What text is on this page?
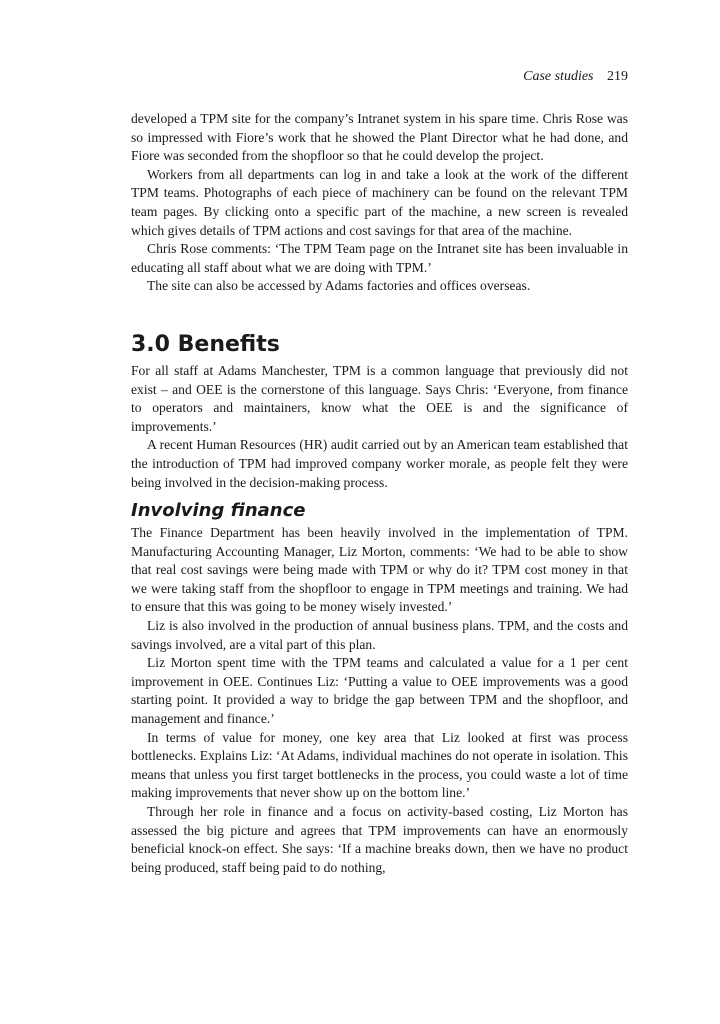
Case studies 219

developed a TPM site for the company’s Intranet system in his spare time. Chris Rose was so impressed with Fiore’s work that he showed the Plant Director what he had done, and Fiore was seconded from the shopfloor so that he could develop the project.

Workers from all departments can log in and take a look at the work of the different TPM teams. Photographs of each piece of machinery can be found on the relevant TPM team pages. By clicking onto a specific part of the machine, a new screen is revealed which gives details of TPM actions and cost savings for that area of the machine.

Chris Rose comments: ‘The TPM Team page on the Intranet site has been invaluable in educating all staff about what we are doing with TPM.’

The site can also be accessed by Adams factories and offices overseas.

3.0 Benefits

For all staff at Adams Manchester, TPM is a common language that previously did not exist – and OEE is the cornerstone of this language. Says Chris: ‘Everyone, from finance to operators and maintainers, know what the OEE is and the significance of improvements.’

A recent Human Resources (HR) audit carried out by an American team established that the introduction of TPM had improved company worker morale, as people felt they were being involved in the decision-making process.

Involving finance

The Finance Department has been heavily involved in the implementation of TPM. Manufacturing Accounting Manager, Liz Morton, comments: ‘We had to be able to show that real cost savings were being made with TPM or why do it? TPM cost money in that we were taking staff from the shopfloor to engage in TPM meetings and training. We had to ensure that this was going to be money wisely invested.’

Liz is also involved in the production of annual business plans. TPM, and the costs and savings involved, are a vital part of this plan.

Liz Morton spent time with the TPM teams and calculated a value for a 1 per cent improvement in OEE. Continues Liz: ‘Putting a value to OEE improvements was a good starting point. It provided a way to bridge the gap between TPM and the shopfloor, and management and finance.’

In terms of value for money, one key area that Liz looked at first was process bottlenecks. Explains Liz: ‘At Adams, individual machines do not operate in isolation. This means that unless you first target bottlenecks in the process, you could waste a lot of time making improvements that never show up on the bottom line.’

Through her role in finance and a focus on activity-based costing, Liz Morton has assessed the big picture and agrees that TPM improvements can have an enormously beneficial knock-on effect. She says: ‘If a machine breaks down, then we have no product being produced, staff being paid to do nothing,
